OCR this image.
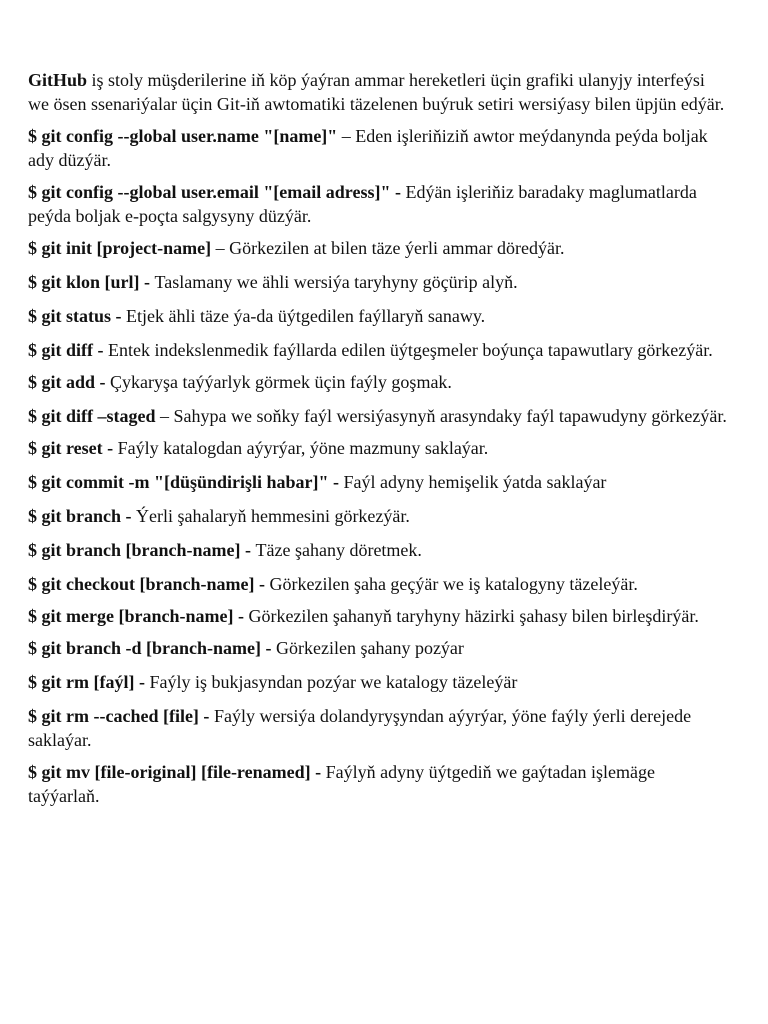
GitHub iş stoly müşderilerine iň köp ýaýran ammar hereketleri üçin grafiki ulanyjy interfeýsi we ösen ssenariýalar üçin Git-iň awtomatiki täzelenen buýruk setiri wersiýasy bilen üpjün edýär.

$ git config --global user.name "[name]" – Eden işleriňiziň awtor meýdanynda peýda boljak ady düzýär.

$ git config --global user.email "[email adress]" - Edýän işleriňiz baradaky maglumatlarda peýda boljak e-poçta salgysyny düzýär.

$ git init [project-name] – Görkezilen at bilen täze ýerli ammar döredýär.

$ git klon [url] - Taslamany we ähli wersiýa taryhyny göçürip alyň.

$ git status - Etjek ähli täze ýa-da üýtgedilen faýllaryň sanawy.

$ git diff - Entek indekslenmedik faýllarda edilen üýtgeşmeler boýunça tapawutlary görkezýär.

$ git add - Çykaryşa taýýarlyk görmek üçin faýly goşmak.

$ git diff –staged – Sahypa we soňky faýl wersiýasynyň arasyndaky faýl tapawudyny görkezýär.

$ git reset - Faýly katalogdan aýyrýar, ýöne mazmuny saklaýar.

$ git commit -m "[düşündirişli habar]" - Faýl adyny hemişelik ýatda saklaýar

$ git branch - Ýerli şahalaryň hemmesini görkezýär.

$ git branch [branch-name] - Täze şahany döretmek.

$ git checkout [branch-name] - Görkezilen şaha geçýär we iş katalogyny täzeleýär.

$ git merge [branch-name] - Görkezilen şahanyň taryhyny häzirki şahasy bilen birleşdirýär.

$ git branch -d [branch-name] - Görkezilen şahany pozýar

$ git rm [faýl] - Faýly iş bukjasyndan pozýar we katalogy täzeleýär

$ git rm --cached [file] - Faýly wersiýa dolandyryşyndan aýyrýar, ýöne faýly ýerli derejede saklaýar.

$ git mv [file-original] [file-renamed] - Faýlyň adyny üýtgediň we gaýtadan işlemäge taýýarlaň.
